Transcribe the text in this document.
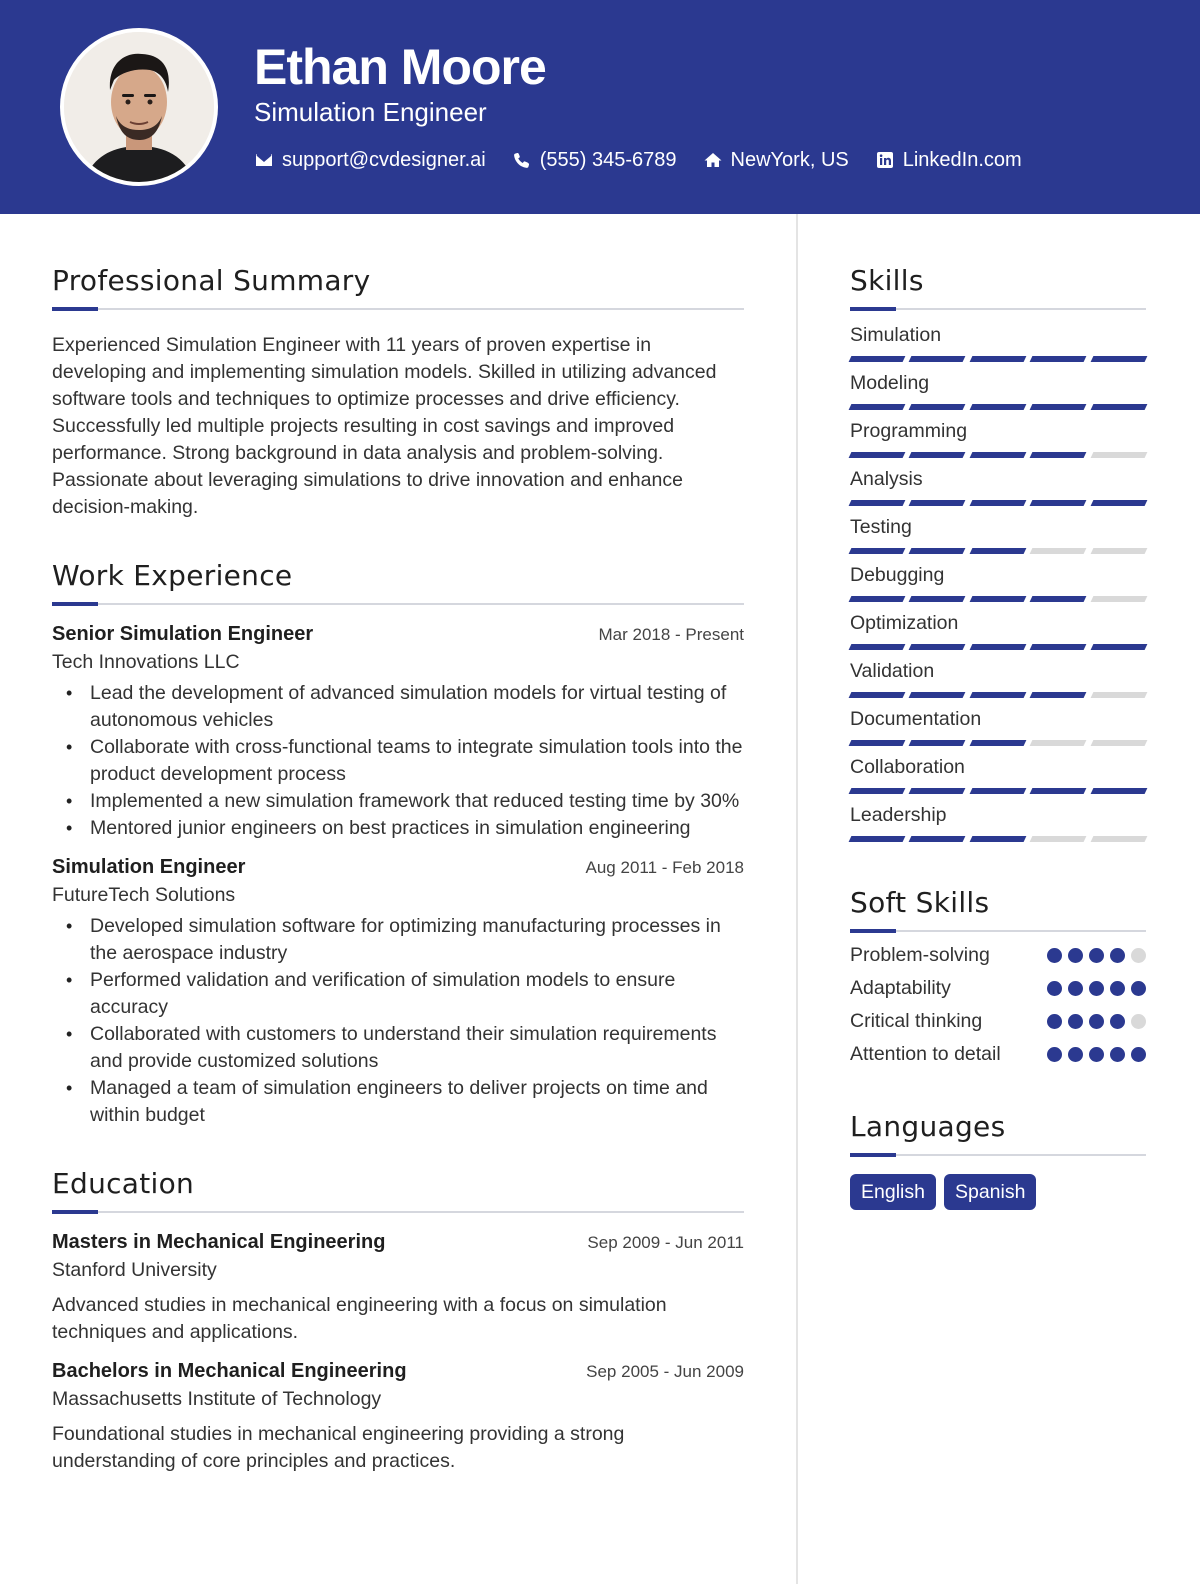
Ethan Moore
Simulation Engineer
support@cvdesigner.ai	(555) 345-6789	NewYork, US	LinkedIn.com
Professional Summary

Experienced Simulation Engineer with 11 years of proven expertise in developing and implementing simulation models. Skilled in utilizing advanced software tools and techniques to optimize processes and drive efficiency. Successfully led multiple projects resulting in cost savings and improved performance. Strong background in data analysis and problem-solving. Passionate about leveraging simulations to drive innovation and enhance decision-making.

Work Experience
Senior Simulation Engineer	Mar 2018 - Present
Tech Innovations LLC
• Lead the development of advanced simulation models for virtual testing of autonomous vehicles
• Collaborate with cross-functional teams to integrate simulation tools into the product development process
• Implemented a new simulation framework that reduced testing time by 30%
• Mentored junior engineers on best practices in simulation engineering
Simulation Engineer	Aug 2011 - Feb 2018
FutureTech Solutions
• Developed simulation software for optimizing manufacturing processes in the aerospace industry
• Performed validation and verification of simulation models to ensure accuracy
• Collaborated with customers to understand their simulation requirements and provide customized solutions
• Managed a team of simulation engineers to deliver projects on time and within budget
Education
Masters in Mechanical Engineering	Sep 2009 - Jun 2011
Stanford University
Advanced studies in mechanical engineering with a focus on simulation techniques and applications.
Bachelors in Mechanical Engineering	Sep 2005 - Jun 2009
Massachusetts Institute of Technology
Foundational studies in mechanical engineering providing a strong understanding of core principles and practices.
Skills
Simulation
Modeling
Programming
Analysis
Testing
Debugging
Optimization
Validation
Documentation
Collaboration
Leadership
Soft Skills
Problem-solving
Adaptability
Critical thinking
Attention to detail
Languages
English	Spanish
